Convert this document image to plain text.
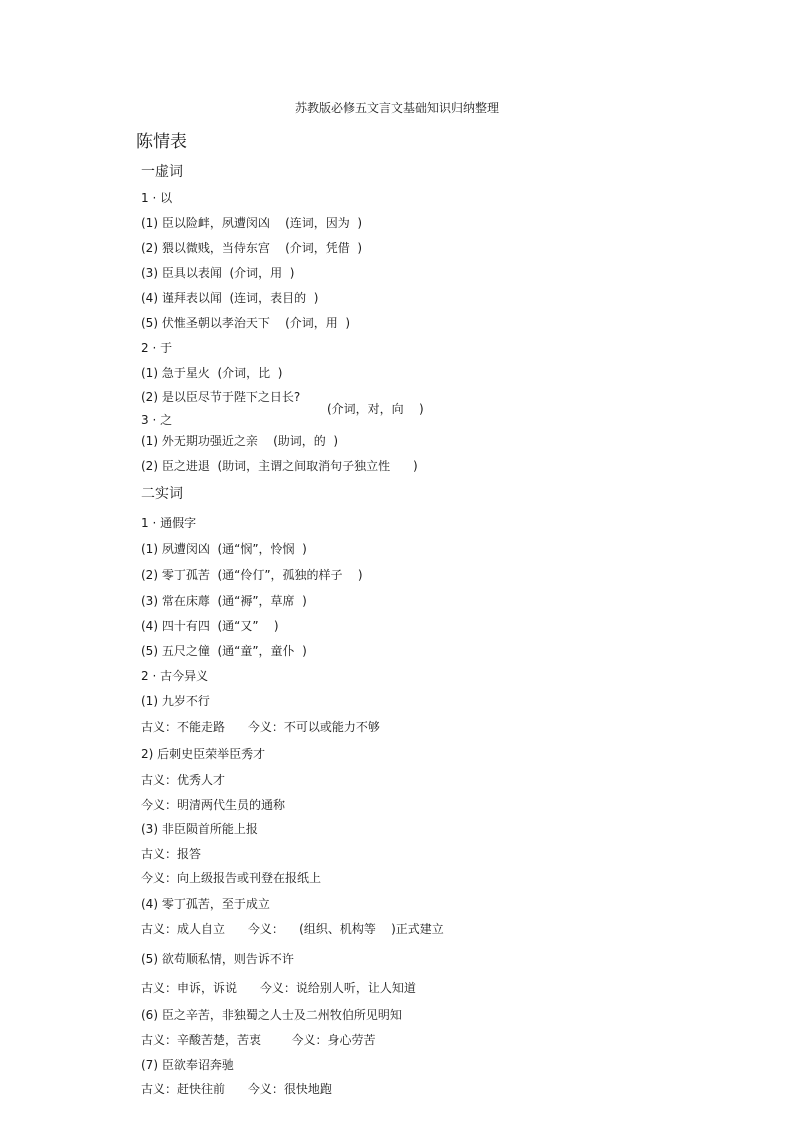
苏教版必修五文言文基础知识归纳整理
陈情表
一虚词
1 · 以
(1) 臣以险衅，夙遭闵凶    (连词，因为  )
(2) 猥以微贱，当侍东宫    (介词，凭借  )
(3) 臣具以表闻  (介词，用  )
(4) 谨拜表以闻  (连词，表目的  )
(5) 伏惟圣朝以孝治天下    (介词，用  )
2 · 于
(1) 急于星火  (介词，比  )
(2) 是以臣尽节于陛下之日长?
3 · 之
(1) 外无期功强近之亲    (助词，的  )
(2) 臣之进退  (助词，主谓之间取消句子独立性      )
二实词
1 · 通假字
(1) 夙遭闵凶  (通“悯”，怜悯  )
(2) 零丁孤苦  (通“伶仃”，孤独的样子    )
(3) 常在床蓐  (通“褥”，草席  )
(4) 四十有四  (通“又”    )
(5) 五尺之僮  (通“童”，童仆  )
2 · 古今异义
(1) 九岁不行
古义：不能走路      今义：不可以或能力不够
2) 后刺史臣荣举臣秀才
古义：优秀人才
今义：明清两代生员的通称
(3) 非臣陨首所能上报
古义：报答
今义：向上级报告或刊登在报纸上
(4) 零丁孤苦，至于成立
古义：成人自立      今义：    (组织、机构等    )正式建立
(5) 欲苟顺私情，则告诉不许
古义：申诉，诉说      今义：说给别人听，让人知道
(6) 臣之辛苦，非独蜀之人士及二州牧伯所见明知
古义：辛酸苦楚，苦衷        今义：身心劳苦
(7) 臣欲奉诏奔驰
古义：赶快往前      今义：很快地跑
(介词，对，向    )
